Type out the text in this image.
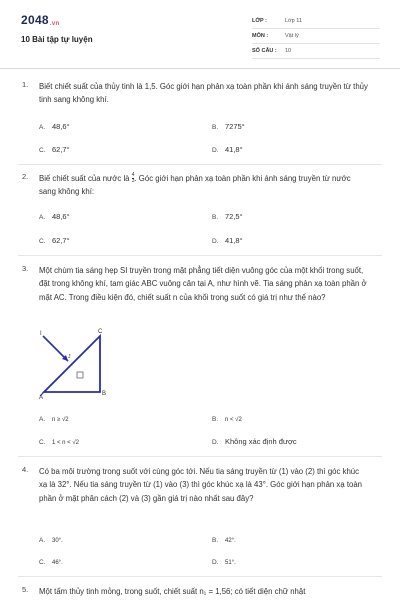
2048.vn
10 Bài tập tự luyện
LỚP :	Lớp 11
MÔN :	Vật lý
SỐ CÂU : 10
1. Biết chiết suất của thủy tinh là 1,5. Góc giới hạn phản xạ toàn phần khi ánh sáng truyền từ thủy tinh sang không khí.
A. 48,6°	B. 7275°
C. 62,7°	D. 41,8°
2. Biế chiết suất của nước là $\frac{4}{3}$ . Góc giới hạn phản xạ toàn phần khi ánh sáng truyền từ nước sang không khí:
A. 48,6°	B. 72,5°
C. 62,7°	D. 41,8°
3. Một chùm tia sáng hẹp SI truyền trong mặt phẳng tiết diện vuông góc của một khối trong suốt, đặt trong không khí, tam giác ABC vuông cân tại A, như hình vẽ. Tia sáng phản xạ toàn phần ở mặt AC. Trong điều kiện đó, chiết suất n của khối trong suốt có giá trị như thế nào?
I
A
B
C
J
A. n ≥ √2	B. n < √2
C. 1 < n < √2	D. Không xác định được
4. Có ba môi trường trong suốt với cùng góc tới. Nếu tia sáng truyền từ (1) vào (2) thì góc khúc xạ là 32°. Nếu tia sáng truyền từ (1) vào (3) thì góc khúc xạ là 43°. Góc giới hạn phản xạ toàn phần ở mặt phân cách (2) và (3) gần giá trị nào nhất sau đây?
A. 30°.	B. 42°.
C. 46°.	D. 51°.
5. Một tấm thủy tinh mỏng, trong suốt, chiết suất n₁ = 1,56; có tiết diện chữ nhật
